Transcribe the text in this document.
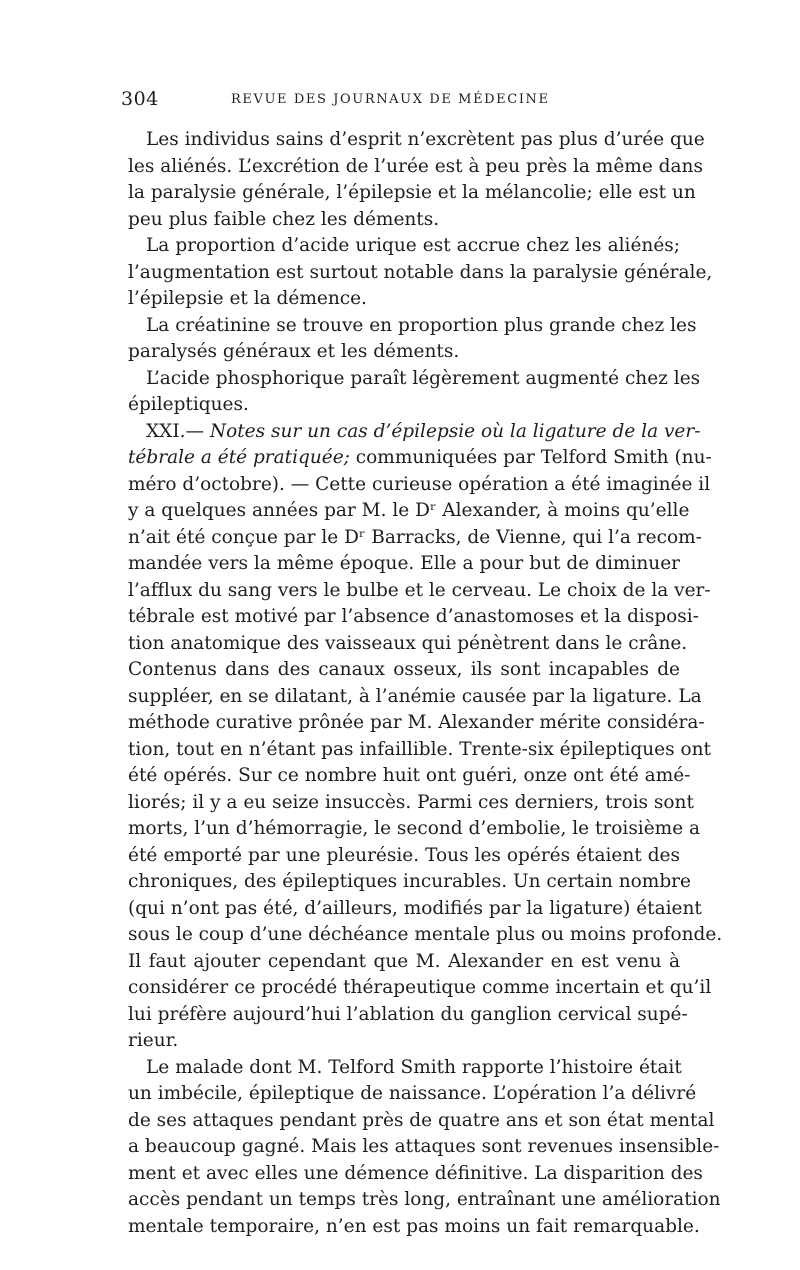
304	REVUE DES JOURNAUX DE MÉDECINE
Les individus sains d’esprit n’excrètent pas plus d’urée que
les aliénés. L’excrétion de l’urée est à peu près la même dans
la paralysie générale, l’épilepsie et la mélancolie; elle est un
peu plus faible chez les déments.
La proportion d’acide urique est accrue chez les aliénés;
l’augmentation est surtout notable dans la paralysie générale,
l’épilepsie et la démence.
La créatinine se trouve en proportion plus grande chez les
paralysés généraux et les déments.
L’acide phosphorique paraît légèrement augmenté chez les
épileptiques.
XXI.— Notes sur un cas d’épilepsie où la ligature de la ver-
tébrale a été pratiquée; communiquées par Telford Smith (nu-
méro d’octobre). — Cette curieuse opération a été imaginée il
y a quelques années par M. le Dʳ Alexander, à moins qu’elle
n’ait été conçue par le Dʳ Barracks, de Vienne, qui l’a recom-
mandée vers la même époque. Elle a pour but de diminuer
l’afflux du sang vers le bulbe et le cerveau. Le choix de la ver-
tébrale est motivé par l’absence d’anastomoses et la disposi-
tion anatomique des vaisseaux qui pénètrent dans le crâne.
Contenus dans des canaux osseux, ils sont incapables de
suppléer, en se dilatant, à l’anémie causée par la ligature. La
méthode curative prônée par M. Alexander mérite considéra-
tion, tout en n’étant pas infaillible. Trente-six épileptiques ont
été opérés. Sur ce nombre huit ont guéri, onze ont été amé-
liorés; il y a eu seize insuccès. Parmi ces derniers, trois sont
morts, l’un d’hémorragie, le second d’embolie, le troisième a
été emporté par une pleurésie. Tous les opérés étaient des
chroniques, des épileptiques incurables. Un certain nombre
(qui n’ont pas été, d’ailleurs, modifiés par la ligature) étaient
sous le coup d’une déchéance mentale plus ou moins profonde.
Il faut ajouter cependant que M. Alexander en est venu à
considérer ce procédé thérapeutique comme incertain et qu’il
lui préfère aujourd’hui l’ablation du ganglion cervical supé-
rieur.
Le malade dont M. Telford Smith rapporte l’histoire était
un imbécile, épileptique de naissance. L’opération l’a délivré
de ses attaques pendant près de quatre ans et son état mental
a beaucoup gagné. Mais les attaques sont revenues insensible-
ment et avec elles une démence définitive. La disparition des
accès pendant un temps très long, entraînant une amélioration
mentale temporaire, n’en est pas moins un fait remarquable.
